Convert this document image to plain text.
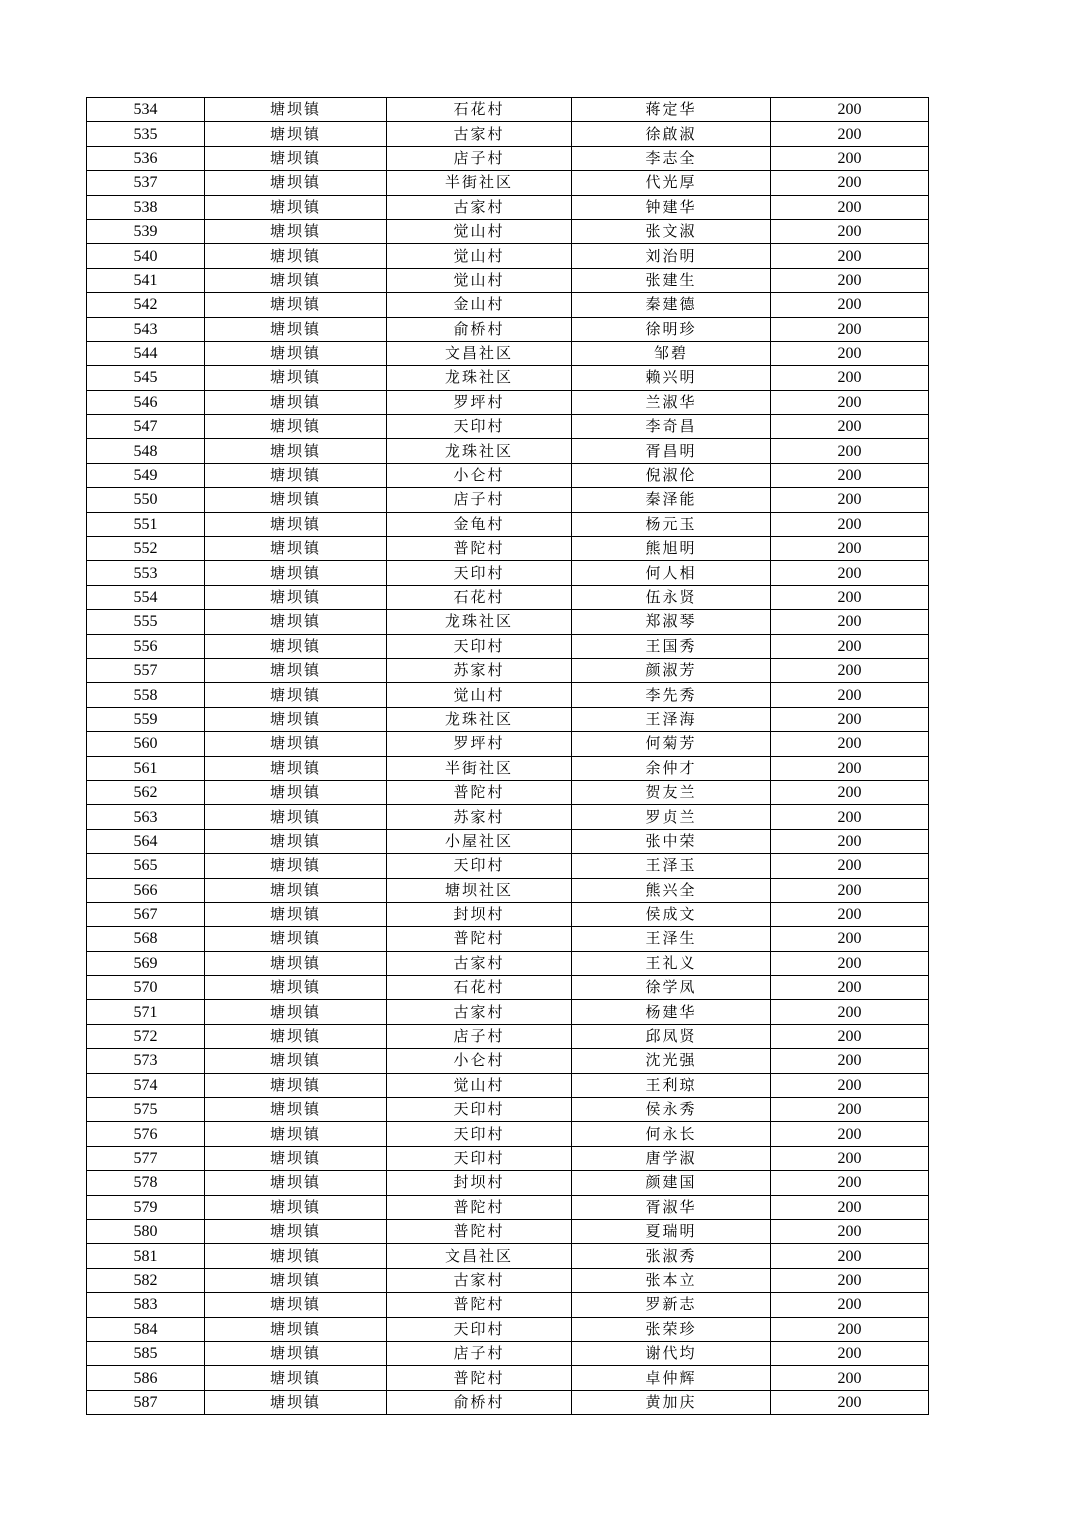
534	塘坝镇	石花村	蒋定华	200
535	塘坝镇	古家村	徐啟淑	200
536	塘坝镇	店子村	李志全	200
537	塘坝镇	半街社区	代光厚	200
538	塘坝镇	古家村	钟建华	200
539	塘坝镇	觉山村	张文淑	200
540	塘坝镇	觉山村	刘治明	200
541	塘坝镇	觉山村	张建生	200
542	塘坝镇	金山村	秦建德	200
543	塘坝镇	俞桥村	徐明珍	200
544	塘坝镇	文昌社区	邹碧	200
545	塘坝镇	龙珠社区	赖兴明	200
546	塘坝镇	罗坪村	兰淑华	200
547	塘坝镇	天印村	李奇昌	200
548	塘坝镇	龙珠社区	胥昌明	200
549	塘坝镇	小仑村	倪淑伦	200
550	塘坝镇	店子村	秦泽能	200
551	塘坝镇	金龟村	杨元玉	200
552	塘坝镇	普陀村	熊旭明	200
553	塘坝镇	天印村	何人相	200
554	塘坝镇	石花村	伍永贤	200
555	塘坝镇	龙珠社区	郑淑琴	200
556	塘坝镇	天印村	王国秀	200
557	塘坝镇	苏家村	颜淑芳	200
558	塘坝镇	觉山村	李先秀	200
559	塘坝镇	龙珠社区	王泽海	200
560	塘坝镇	罗坪村	何菊芳	200
561	塘坝镇	半街社区	余仲才	200
562	塘坝镇	普陀村	贺友兰	200
563	塘坝镇	苏家村	罗贞兰	200
564	塘坝镇	小屋社区	张中荣	200
565	塘坝镇	天印村	王泽玉	200
566	塘坝镇	塘坝社区	熊兴全	200
567	塘坝镇	封坝村	侯成文	200
568	塘坝镇	普陀村	王泽生	200
569	塘坝镇	古家村	王礼义	200
570	塘坝镇	石花村	徐学凤	200
571	塘坝镇	古家村	杨建华	200
572	塘坝镇	店子村	邱凤贤	200
573	塘坝镇	小仑村	沈光强	200
574	塘坝镇	觉山村	王利琼	200
575	塘坝镇	天印村	侯永秀	200
576	塘坝镇	天印村	何永长	200
577	塘坝镇	天印村	唐学淑	200
578	塘坝镇	封坝村	颜建国	200
579	塘坝镇	普陀村	胥淑华	200
580	塘坝镇	普陀村	夏瑞明	200
581	塘坝镇	文昌社区	张淑秀	200
582	塘坝镇	古家村	张本立	200
583	塘坝镇	普陀村	罗新志	200
584	塘坝镇	天印村	张荣珍	200
585	塘坝镇	店子村	谢代均	200
586	塘坝镇	普陀村	卓仲辉	200
587	塘坝镇	俞桥村	黄加庆	200
